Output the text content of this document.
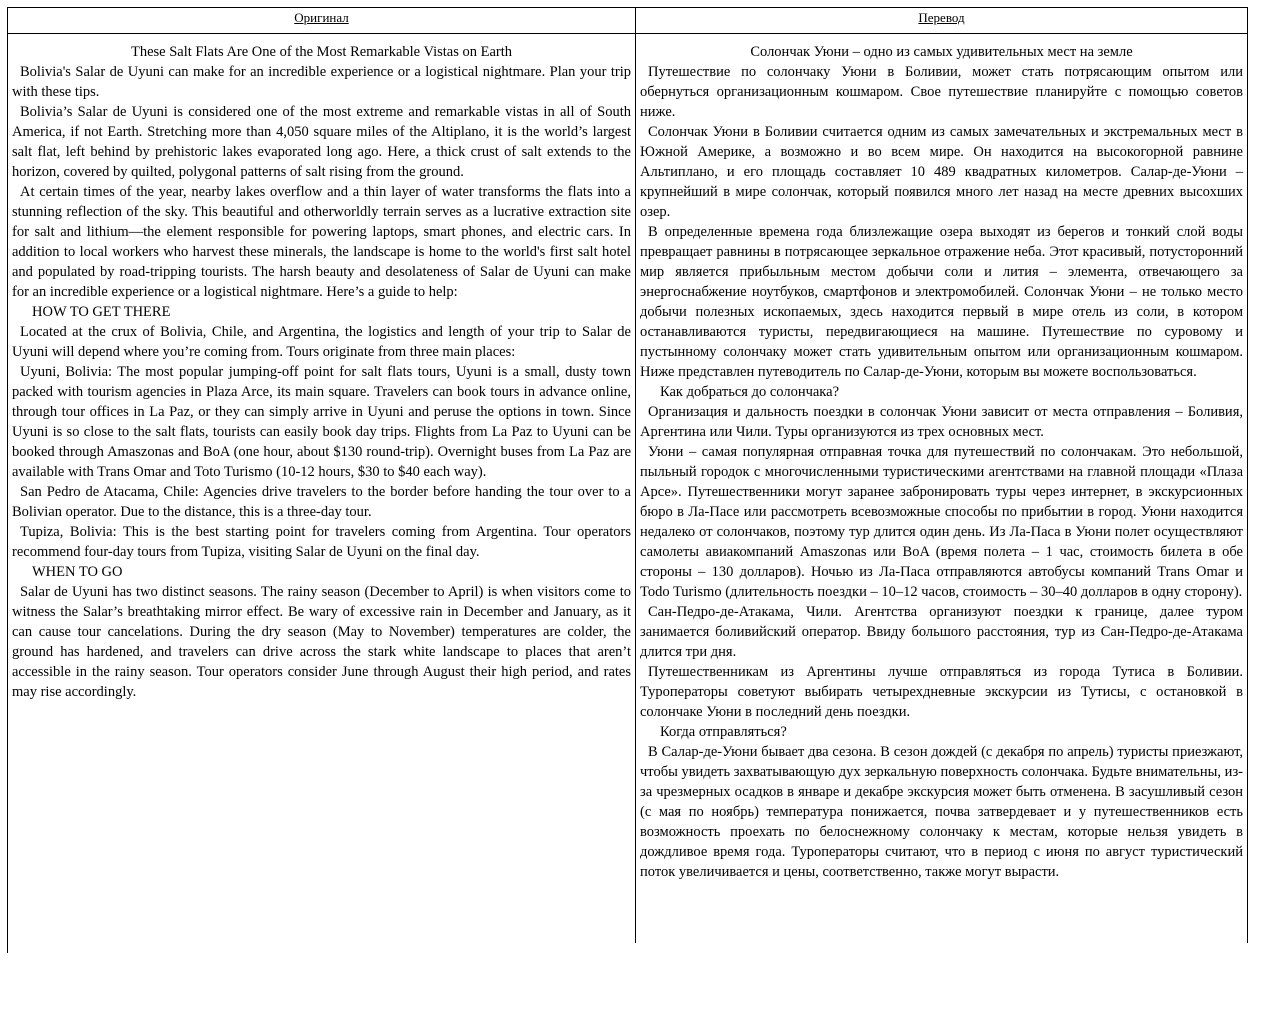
Оригинал	Перевод

These Salt Flats Are One of the Most Remarkable Vistas on Earth

Bolivia's Salar de Uyuni can make for an incredible experience or a logistical nightmare. Plan your trip with these tips.

Bolivia’s Salar de Uyuni is considered one of the most extreme and remarkable vistas in all of South America, if not Earth. Stretching more than 4,050 square miles of the Altiplano, it is the world’s largest salt flat, left behind by prehistoric lakes evaporated long ago. Here, a thick crust of salt extends to the horizon, covered by quilted, polygonal patterns of salt rising from the ground.

At certain times of the year, nearby lakes overflow and a thin layer of water transforms the flats into a stunning reflection of the sky. This beautiful and otherworldly terrain serves as a lucrative extraction site for salt and lithium—the element responsible for powering laptops, smart phones, and electric cars. In addition to local workers who harvest these minerals, the landscape is home to the world's first salt hotel and populated by road-tripping tourists. The harsh beauty and desolateness of Salar de Uyuni can make for an incredible experience or a logistical nightmare. Here’s a guide to help:

HOW TO GET THERE

Located at the crux of Bolivia, Chile, and Argentina, the logistics and length of your trip to Salar de Uyuni will depend where you’re coming from. Tours originate from three main places:

Uyuni, Bolivia: The most popular jumping-off point for salt flats tours, Uyuni is a small, dusty town packed with tourism agencies in Plaza Arce, its main square. Travelers can book tours in advance online, through tour offices in La Paz, or they can simply arrive in Uyuni and peruse the options in town. Since Uyuni is so close to the salt flats, tourists can easily book day trips. Flights from La Paz to Uyuni can be booked through Amaszonas and BoA (one hour, about $130 round-trip). Overnight buses from La Paz are available with Trans Omar and Toto Turismo (10-12 hours, $30 to $40 each way).

San Pedro de Atacama, Chile: Agencies drive travelers to the border before handing the tour over to a Bolivian operator. Due to the distance, this is a three-day tour.

Tupiza, Bolivia: This is the best starting point for travelers coming from Argentina. Tour operators recommend four-day tours from Tupiza, visiting Salar de Uyuni on the final day.

WHEN TO GO

Salar de Uyuni has two distinct seasons. The rainy season (December to April) is when visitors come to witness the Salar’s breathtaking mirror effect. Be wary of excessive rain in December and January, as it can cause tour cancelations. During the dry season (May to November) temperatures are colder, the ground has hardened, and travelers can drive across the stark white landscape to places that aren’t accessible in the rainy season. Tour operators consider June through August their high period, and rates may rise accordingly.

Солончак Уюни – одно из самых удивительных мест на земле

Путешествие по солончаку Уюни в Боливии, может стать потрясающим опытом или обернуться организационным кошмаром. Свое путешествие планируйте с помощью советов ниже.

Солончак Уюни в Боливии считается одним из самых замечательных и экстремальных мест в Южной Америке, а возможно и во всем мире. Он находится на высокогорной равнине Альтиплано, и его площадь составляет 10 489 квадратных километров. Салар-де-Уюни – крупнейший в мире солончак, который появился много лет назад на месте древних высохших озер.

В определенные времена года близлежащие озера выходят из берегов и тонкий слой воды превращает равнины в потрясающее зеркальное отражение неба. Этот красивый, потусторонний мир является прибыльным местом добычи соли и лития – элемента, отвечающего за энергоснабжение ноутбуков, смартфонов и электромобилей. Солончак Уюни – не только место добычи полезных ископаемых, здесь находится первый в мире отель из соли, в котором останавливаются туристы, передвигающиеся на машине. Путешествие по суровому и пустынному солончаку может стать удивительным опытом или организационным кошмаром. Ниже представлен путеводитель по Салар-де-Уюни, которым вы можете воспользоваться.

Как добраться до солончака?

Организация и дальность поездки в солончак Уюни зависит от места отправления – Боливия, Аргентина или Чили. Туры организуются из трех основных мест.

Уюни – самая популярная отправная точка для путешествий по солончакам. Это небольшой, пыльный городок с многочисленными туристическими агентствами на главной площади «Плаза Арсе». Путешественники могут заранее забронировать туры через интернет, в экскурсионных бюро в Ла-Пасе или рассмотреть всевозможные способы по прибытии в город. Уюни находится недалеко от солончаков, поэтому тур длится один день. Из Ла-Паса в Уюни полет осуществляют самолеты авиакомпаний Amaszonas или BoA (время полета – 1 час, стоимость билета в обе стороны – 130 долларов). Ночью из Ла-Паса отправляются автобусы компаний Trans Omar и Todo Turismo (длительность поездки – 10–12 часов, стоимость – 30–40 долларов в одну сторону).

Сан-Педро-де-Атакама, Чили. Агентства организуют поездки к границе, далее туром занимается боливийский оператор. Ввиду большого расстояния, тур из Сан-Педро-де-Атакама длится три дня.

Путешественникам из Аргентины лучше отправляться из города Тутиса в Боливии. Туроператоры советуют выбирать четырехдневные экскурсии из Тутисы, с остановкой в солончаке Уюни в последний день поездки.

Когда отправляться?

В Салар-де-Уюни бывает два сезона. В сезон дождей (с декабря по апрель) туристы приезжают, чтобы увидеть захватывающую дух зеркальную поверхность солончака. Будьте внимательны, из-за чрезмерных осадков в январе и декабре экскурсия может быть отменена. В засушливый сезон (с мая по ноябрь) температура понижается, почва затвердевает и у путешественников есть возможность проехать по белоснежному солончаку к местам, которые нельзя увидеть в дождливое время года. Туроператоры считают, что в период с июня по август туристический поток увеличивается и цены, соответственно, также могут вырасти.
